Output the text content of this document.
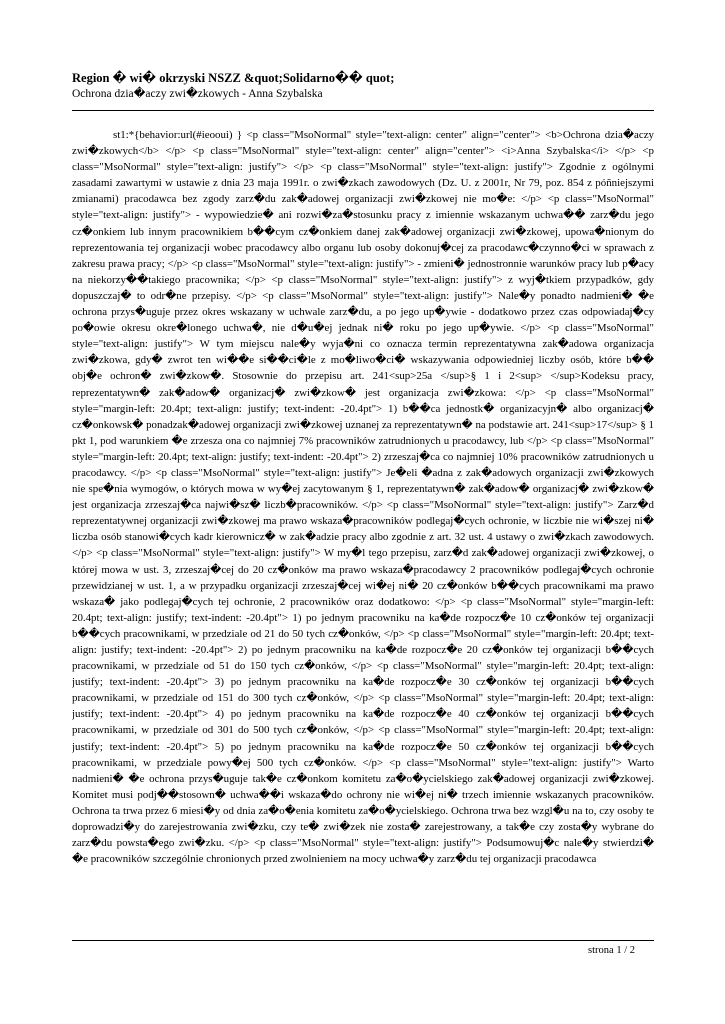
Region � wi� okrzyski NSZZ &quot;Solidarno�� quot;
Ochrona dzia�aczy zwi�zkowych - Anna Szybalska
st1:*{behavior:url(#ieooui) } <p class="MsoNormal" style="text-align: center" align="center"> <b>Ochrona dzia�aczy zwi�zkowych</b> </p> <p class="MsoNormal" style="text-align: center" align="center"> <i>Anna Szybalska</i> </p> <p class="MsoNormal" style="text-align: justify"> </p> <p class="MsoNormal" style="text-align: justify"> Zgodnie z ogólnymi zasadami zawartymi w ustawie z dnia 23 maja 1991r. o zwi�zkach zawodowych (Dz. U. z 2001r, Nr 79, poz. 854 z póñniejszymi zmianami) pracodawca bez zgody zarz�du zak�adowej organizacji zwi�zkowej nie mo�e: </p> <p class="MsoNormal" style="text-align: justify"> - wypowiedzie� ani rozwi�za�stosunku pracy z imiennie wskazanym uchwa�� zarz�du jego cz�onkiem lub innym pracownikiem b��cym cz�onkiem danej zak�adowej organizacji zwi�zkowej, upowa�nionym do reprezentowania tej organizacji wobec pracodawcy albo organu lub osoby dokonuj�cej za pracodawc�czynno�ci w sprawach z zakresu prawa pracy; </p> <p class="MsoNormal" style="text-align: justify"> - zmieni� jednostronnie warunków pracy lub p�acy na niekorzy��takiego pracownika; </p> <p class="MsoNormal" style="text-align: justify"> z wyj�tkiem przypadków, gdy dopuszczaj� to odr�ne przepisy. </p> <p class="MsoNormal" style="text-align: justify"> Nale�y ponadto nadmieni� �e ochrona przys�uguje przez okres wskazany w uchwale zarz�du, a po jego up�ywie - dodatkowo przez czas odpowiadaj�cy po�owie okresu okre�lonego uchwa�, nie d�u�ej jednak ni� roku po jego up�ywie. </p> <p class="MsoNormal" style="text-align: justify"> W tym miejscu nale�y wyja�ni co oznacza termin reprezentatywna zak�adowa organizacja zwi�zkowa, gdy� zwrot ten wi��e si��ci�le z mo�liwo�ci� wskazywania odpowiedniej liczby osób, które b�� obj�e ochron� zwi�zkow�. Stosownie do przepisu art. 241<sup>25a </sup>§ 1 i 2<sup> </sup>Kodeksu pracy, reprezentatywn� zak�adow� organizacj� zwi�zkow� jest organizacja zwi�zkowa: </p> <p class="MsoNormal" style="margin-left: 20.4pt; text-align: justify; text-indent: -20.4pt"> 1) b��ca jednostk� organizacyjn� albo organizacj� cz�onkowsk� ponadzak�adowej organizacji zwi�zkowej uznanej za reprezentatywn� na podstawie art. 241<sup>17</sup> § 1 pkt 1, pod warunkiem �e zrzesza ona co najmniej 7% pracowników zatrudnionych u pracodawcy, lub </p> <p class="MsoNormal" style="margin-left: 20.4pt; text-align: justify; text-indent: -20.4pt"> 2) zrzeszaj�ca co najmniej 10% pracowników zatrudnionych u pracodawcy. </p> <p class="MsoNormal" style="text-align: justify"> Je�eli �adna z zak�adowych organizacji zwi�zkowych nie spe�nia wymogów, o których mowa w wy�ej zacytowanym § 1, reprezentatywn� zak�adow� organizacj� zwi�zkow� jest organizacja zrzeszaj�ca najwi�sz� liczb�pracowników. </p> <p class="MsoNormal" style="text-align: justify"> Zarz�d reprezentatywnej organizacji zwi�zkowej ma prawo wskaza�pracowników podlegaj�cych ochronie, w liczbie nie wi�szej ni� liczba osób stanowi�cych kadr kierownicz� w zak�adzie pracy albo zgodnie z art. 32 ust. 4 ustawy o zwi�zkach zawodowych. </p> <p class="MsoNormal" style="text-align: justify"> W my�l tego przepisu, zarz�d zak�adowej organizacji zwi�zkowej, o której mowa w ust. 3, zrzeszaj�cej do 20 cz�onków ma prawo wskaza�pracodawcy 2 pracowników podlegaj�cych ochronie przewidzianej w ust. 1, a w przypadku organizacji zrzeszaj�cej wi�ej ni� 20 cz�onków b��cych pracownikami ma prawo wskaza� jako podlegaj�cych tej ochronie, 2 pracowników oraz dodatkowo: </p> <p class="MsoNormal" style="margin-left: 20.4pt; text-align: justify; text-indent: -20.4pt"> 1) po jednym pracowniku na ka�de rozpocz�e 10 cz�onków tej organizacji b��cych pracownikami, w przedziale od 21 do 50 tych cz�onków, </p> <p class="MsoNormal" style="margin-left: 20.4pt; text-align: justify; text-indent: -20.4pt"> 2) po jednym pracowniku na ka�de rozpocz�e 20 cz�onków tej organizacji b��cych pracownikami, w przedziale od 51 do 150 tych cz�onków, </p> <p class="MsoNormal" style="margin-left: 20.4pt; text-align: justify; text-indent: -20.4pt"> 3) po jednym pracowniku na ka�de rozpocz�e 30 cz�onków tej organizacji b��cych pracownikami, w przedziale od 151 do 300 tych cz�onków, </p> <p class="MsoNormal" style="margin-left: 20.4pt; text-align: justify; text-indent: -20.4pt"> 4) po jednym pracowniku na ka�de rozpocz�e 40 cz�onków tej organizacji b��cych pracownikami, w przedziale od 301 do 500 tych cz�onków, </p> <p class="MsoNormal" style="margin-left: 20.4pt; text-align: justify; text-indent: -20.4pt"> 5) po jednym pracowniku na ka�de rozpocz�e 50 cz�onków tej organizacji b��cych pracownikami, w przedziale powy�ej 500 tych cz�onków. </p> <p class="MsoNormal" style="text-align: justify"> Warto nadmieni� �e ochrona przys�uguje tak�e cz�onkom komitetu za�o�ycielskiego zak�adowej organizacji zwi�zkowej. Komitet musi podj��stosown� uchwa��i wskaza�do ochrony nie wi�ej ni� trzech imiennie wskazanych pracowników. Ochrona ta trwa przez 6 miesi�y od dnia za�o�enia komitetu za�o�ycielskiego. Ochrona trwa bez wzgl�u na to, czy osoby te doprowadzi�y do zarejestrowania zwi�zku, czy te� zwi�zek nie zosta� zarejestrowany, a tak�e czy zosta�y wybrane do zarz�du powsta�ego zwi�zku. </p> <p class="MsoNormal" style="text-align: justify"> Podsumowuj�c nale�y stwierdzi� �e pracowników szczególnie chronionych przed zwolnieniem na mocy uchwa�y zarz�du tej organizacji pracodawca
strona 1 / 2
